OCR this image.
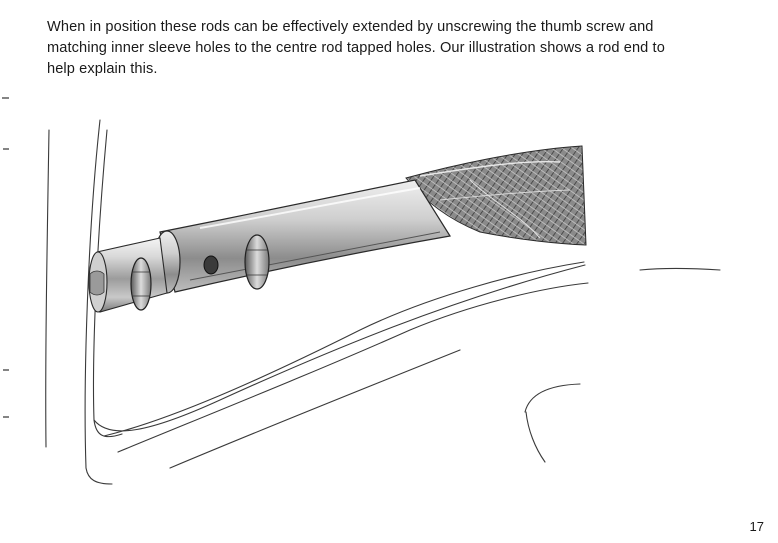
When in position these rods can be effectively extended by unscrewing the thumb screw and
matching inner sleeve holes to the centre rod tapped holes. Our illustration shows a rod end to
help explain this.

17
